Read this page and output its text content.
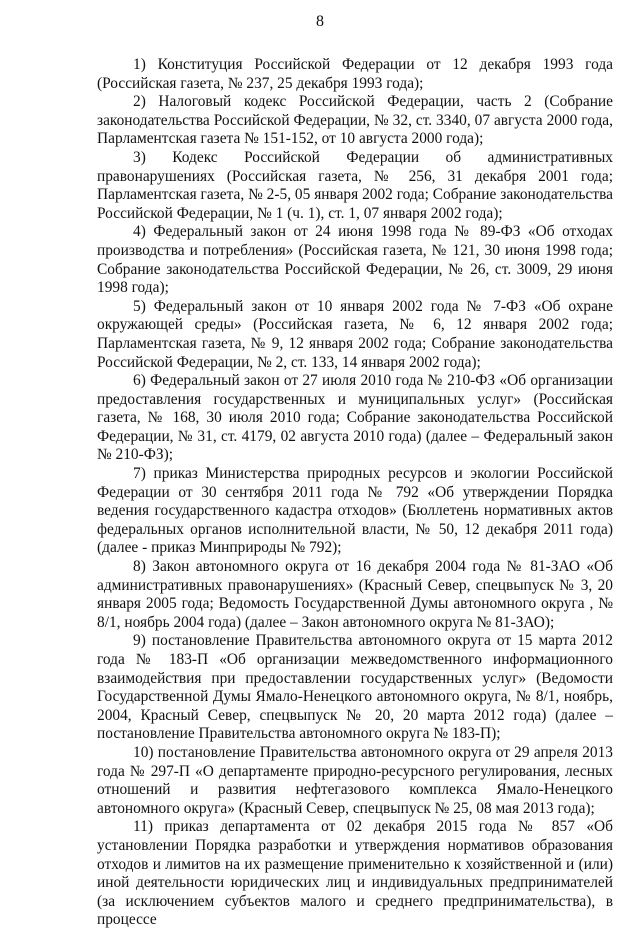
8

1) Конституция Российской Федерации от 12 декабря 1993 года (Российская газета, № 237, 25 декабря 1993 года);

2) Налоговый кодекс Российской Федерации, часть 2 (Собрание законодательства Российской Федерации, № 32, ст. 3340, 07 августа 2000 года, Парламентская газета № 151-152, от 10 августа 2000 года);

3) Кодекс Российской Федерации об административных правонарушениях (Российская газета, № 256, 31 декабря 2001 года; Парламентская газета, № 2-5, 05 января 2002 года; Собрание законодательства Российской Федерации, № 1 (ч. 1), ст. 1, 07 января 2002 года);

4) Федеральный закон от 24 июня 1998 года № 89-ФЗ «Об отходах производства и потребления» (Российская газета, № 121, 30 июня 1998 года; Собрание законодательства Российской Федерации, № 26, ст. 3009, 29 июня 1998 года);

5) Федеральный закон от 10 января 2002 года № 7-ФЗ «Об охране окружающей среды» (Российская газета, № 6, 12 января 2002 года; Парламентская газета, № 9, 12 января 2002 года; Собрание законодательства Российской Федерации, № 2, ст. 133, 14 января 2002 года);

6) Федеральный закон от 27 июля 2010 года № 210-ФЗ «Об организации предоставления государственных и муниципальных услуг» (Российская газета, № 168, 30 июля 2010 года; Собрание законодательства Российской Федерации, № 31, ст. 4179, 02 августа 2010 года) (далее – Федеральный закон № 210-ФЗ);

7) приказ Министерства природных ресурсов и экологии Российской Федерации от 30 сентября 2011 года № 792 «Об утверждении Порядка ведения государственного кадастра отходов» (Бюллетень нормативных актов федеральных органов исполнительной власти, № 50, 12 декабря 2011 года) (далее - приказ Минприроды № 792);

8) Закон автономного округа от 16 декабря 2004 года № 81-ЗАО «Об административных правонарушениях» (Красный Север, спецвыпуск № 3, 20 января 2005 года; Ведомость Государственной Думы автономного округа , № 8/1, ноябрь 2004 года) (далее – Закон автономного округа № 81-ЗАО);

9) постановление Правительства автономного округа от 15 марта 2012 года № 183-П «Об организации межведомственного информационного взаимодействия при предоставлении государственных услуг» (Ведомости Государственной Думы Ямало-Ненецкого автономного округа, № 8/1, ноябрь, 2004, Красный Север, спецвыпуск № 20, 20 марта 2012 года) (далее – постановление Правительства автономного округа № 183-П);

10) постановление Правительства автономного округа от 29 апреля 2013 года № 297-П «О департаменте природно-ресурсного регулирования, лесных отношений и развития нефтегазового комплекса Ямало-Ненецкого автономного округа» (Красный Север, спецвыпуск № 25, 08 мая 2013 года);

11) приказ департамента от 02 декабря 2015 года № 857 «Об установлении Порядка разработки и утверждения нормативов образования отходов и лимитов на их размещение применительно к хозяйственной и (или) иной деятельности юридических лиц и индивидуальных предпринимателей (за исключением субъектов малого и среднего предпринимательства), в процессе
